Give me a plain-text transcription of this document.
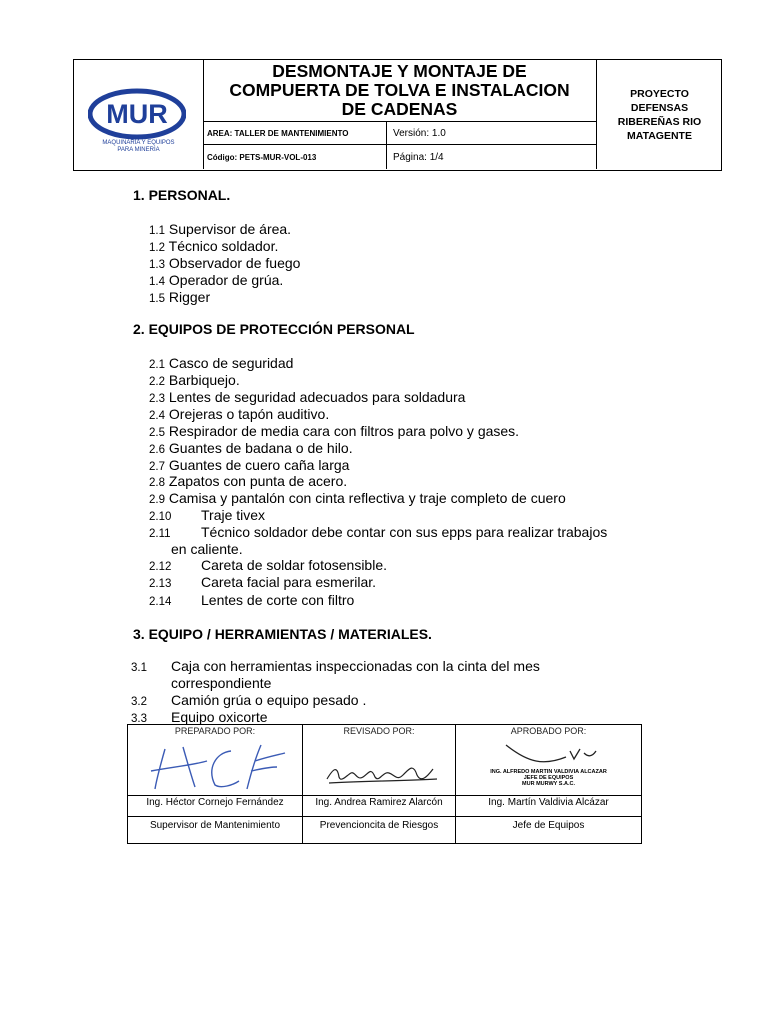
MUR
MAQUINARIA Y EQUIPOS
PARA MINERIA
DESMONTAJE Y MONTAJE DE
COMPUERTA DE TOLVA E INSTALACION
DE CADENAS
AREA: TALLER DE MANTENIMIENTO	Versión: 1.0
Código: PETS-MUR-VOL-013	Página: 1/4
PROYECTO
DEFENSAS
RIBEREÑAS RIO
MATAGENTE
1. PERSONAL.
1.1 Supervisor de área.
1.2 Técnico soldador.
1.3 Observador de fuego
1.4 Operador de grúa.
1.5 Rigger
2. EQUIPOS DE PROTECCIÓN PERSONAL
2.1 Casco de seguridad
2.2 Barbiquejo.
2.3 Lentes de seguridad adecuados para soldadura
2.4 Orejeras o tapón auditivo.
2.5 Respirador de media cara con filtros para polvo y gases.
2.6 Guantes de badana o de hilo.
2.7 Guantes de cuero caña larga
2.8 Zapatos con punta de acero.
2.9 Camisa y pantalón con cinta reflectiva y traje completo de cuero
2.10 Traje tivex
2.11 Técnico soldador debe contar con sus epps para realizar trabajos
en caliente.
2.12 Careta de soldar fotosensible.
2.13 Careta facial para esmerilar.
2.14 Lentes de corte con filtro
3. EQUIPO / HERRAMIENTAS / MATERIALES.
3.1 Caja con herramientas inspeccionadas con la cinta del mes
correspondiente
3.2 Camión grúa o equipo pesado .
3.3 Equipo oxicorte
PREPARADO POR:
Ing. Héctor Cornejo Fernández
Supervisor de Mantenimiento
REVISADO POR:
Ing. Andrea Ramirez Alarcón
Prevencioncita de Riesgos
APROBADO POR:
ING. ALFREDO MARTIN VALDIVIA ALCAZAR
JEFE DE EQUIPOS
MUR MURWY S.A.C.
Ing. Martín Valdivia Alcázar
Jefe de Equipos
